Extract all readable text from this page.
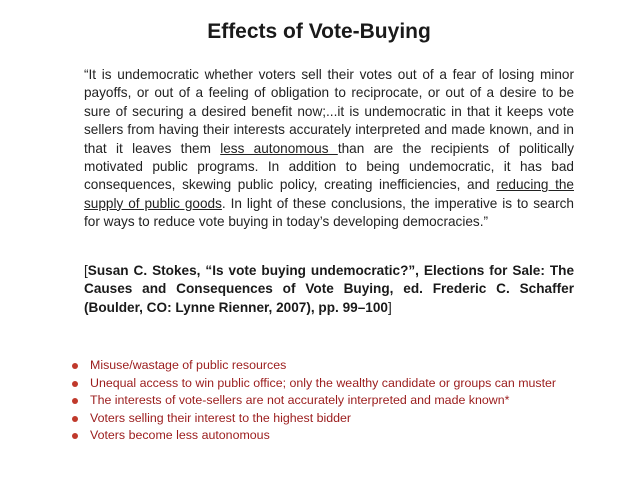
Effects of Vote-Buying

“It is undemocratic whether voters sell their votes out of a fear of losing minor payoffs, or out of a feeling of obligation to reciprocate, or out of a desire to be sure of securing a desired benefit now;...it is undemocratic in that it keeps vote sellers from having their interests accurately interpreted and made known, and in that it leaves them less autonomous than are the recipients of politically motivated public programs. In addition to being undemocratic, it has bad consequences, skewing public policy, creating inefficiencies, and reducing the supply of public goods. In light of these conclusions, the imperative is to search for ways to reduce vote buying in today’s developing democracies.”

[Susan C. Stokes, “Is vote buying undemocratic?”, Elections for Sale: The Causes and Consequences of Vote Buying, ed. Frederic C. Schaffer (Boulder, CO: Lynne Rienner, 2007), pp. 99–100]

Misuse/wastage of public resources
Unequal access to win public office; only the wealthy candidate or groups can muster
The interests of vote-sellers are not accurately interpreted and made known*
Voters selling their interest to the highest bidder
Voters become less autonomous
